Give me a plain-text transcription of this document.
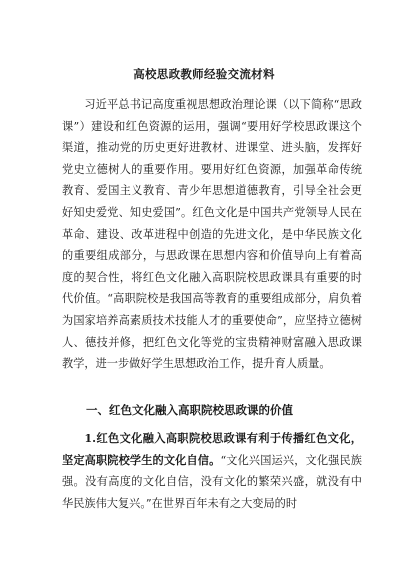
高校思政教师经验交流材料

习近平总书记高度重视思想政治理论课（以下简称“思政课”）建设和红色资源的运用，强调“要用好学校思政课这个渠道，推动党的历史更好进教材、进课堂、进头脑，发挥好党史立德树人的重要作用。要用好红色资源，加强革命传统教育、爱国主义教育、青少年思想道德教育，引导全社会更好知史爱党、知史爱国”。红色文化是中国共产党领导人民在革命、建设、改革进程中创造的先进文化，是中华民族文化的重要组成部分，与思政课在思想内容和价值导向上有着高度的契合性，将红色文化融入高职院校思政课具有重要的时代价值。“高职院校是我国高等教育的重要组成部分，肩负着为国家培养高素质技术技能人才的重要使命”，应坚持立德树人、德技并修，把红色文化等党的宝贵精神财富融入思政课教学，进一步做好学生思想政治工作，提升育人质量。

一、红色文化融入高职院校思政课的价值

1.红色文化融入高职院校思政课有利于传播红色文化，坚定高职院校学生的文化自信。“文化兴国运兴，文化强民族强。没有高度的文化自信，没有文化的繁荣兴盛，就没有中华民族伟大复兴。”在世界百年未有之大变局的时
